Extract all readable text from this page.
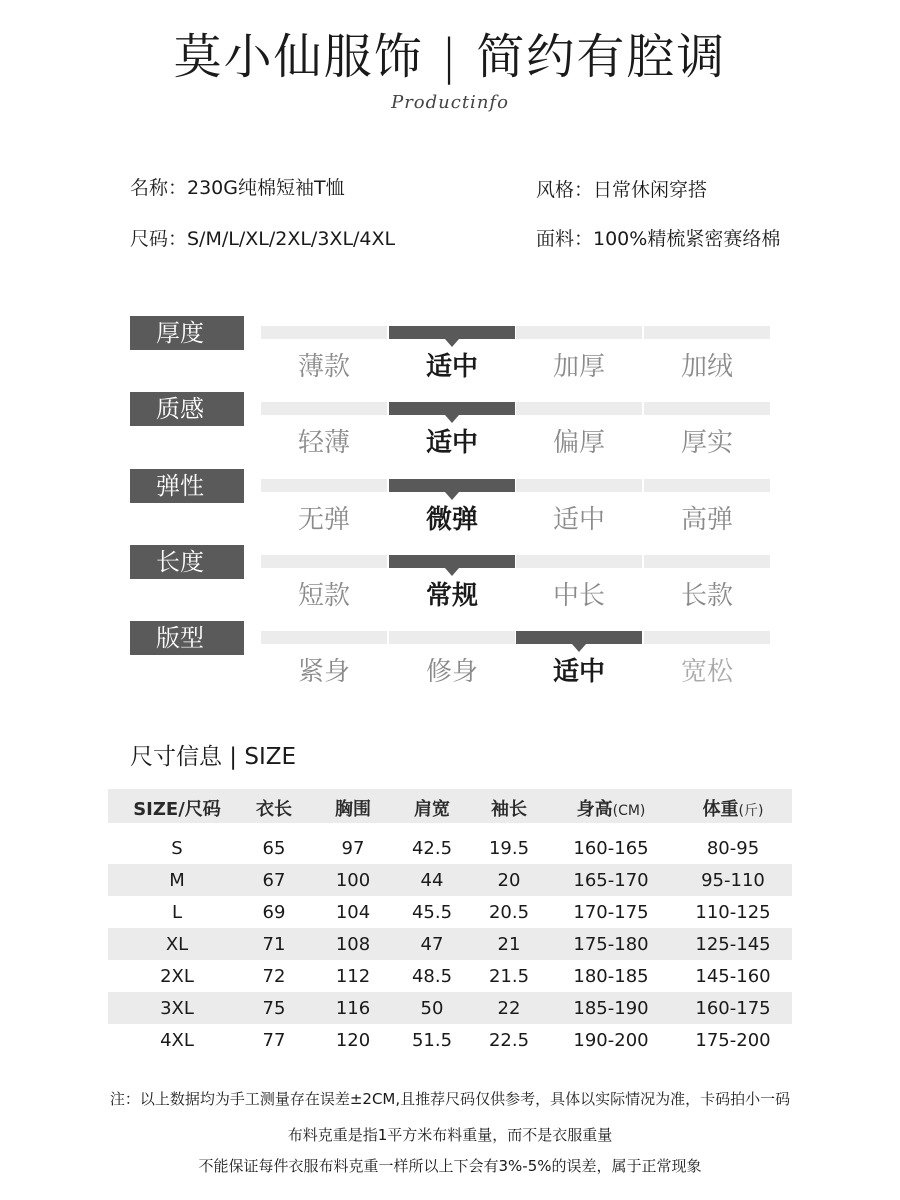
莫小仙服饰 | 简约有腔调
Productinfo
名称：230G纯棉短袖T恤	风格：日常休闲穿搭
尺码：S/M/L/XL/2XL/3XL/4XL	面料：100%精梳紧密赛络棉
厚度
薄款	适中	加厚	加绒
质感
轻薄	适中	偏厚	厚实
弹性
无弹	微弹	适中	高弹
长度
短款	常规	中长	长款
版型
紧身	修身	适中	宽松
尺寸信息 | SIZE
SIZE/尺码	衣长	胸围	肩宽	袖长	身高(CM)	体重(斤)
S	65	97	42.5	19.5	160-165	80-95
M	67	100	44	20	165-170	95-110
L	69	104	45.5	20.5	170-175	110-125
XL	71	108	47	21	175-180	125-145
2XL	72	112	48.5	21.5	180-185	145-160
3XL	75	116	50	22	185-190	160-175
4XL	77	120	51.5	22.5	190-200	175-200
注：以上数据均为手工测量存在误差±2CM,且推荐尺码仅供参考，具体以实际情况为准，卡码拍小一码
布料克重是指1平方米布料重量，而不是衣服重量
不能保证每件衣服布料克重一样所以上下会有3%-5%的误差，属于正常现象
